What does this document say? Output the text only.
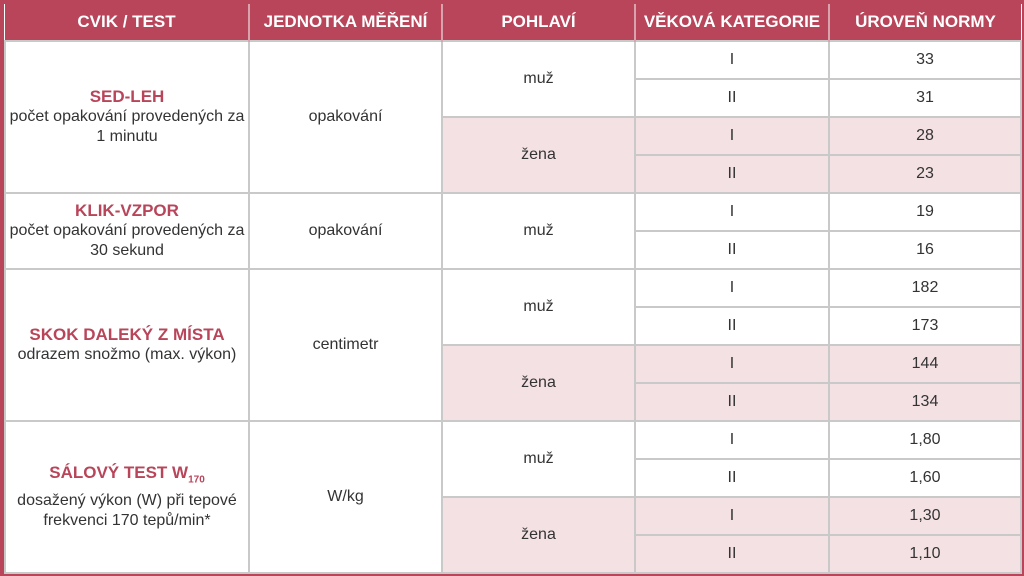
CVIK / TEST	JEDNOTKA MĚŘENÍ	POHLAVÍ	VĚKOVÁ KATEGORIE	ÚROVEŇ NORMY

SED-LEH
počet opakování provedených za 1 minutu	opakování	muž	I	33
			II	31
		žena	I	28
			II	23

KLIK-VZPOR
počet opakování provedených za 30 sekund	opakování	muž	I	19
			II	16

SKOK DALEKÝ Z MÍSTA
odrazem snožmo (max. výkon)	centimetr	muž	I	182
			II	173
		žena	I	144
			II	134

SÁLOVÝ TEST $W_{170}$
dosažený výkon (W) při tepové frekvenci 170 tepů/min*	W/kg	muž	I	1,80
			II	1,60
		žena	I	1,30
			II	1,10
